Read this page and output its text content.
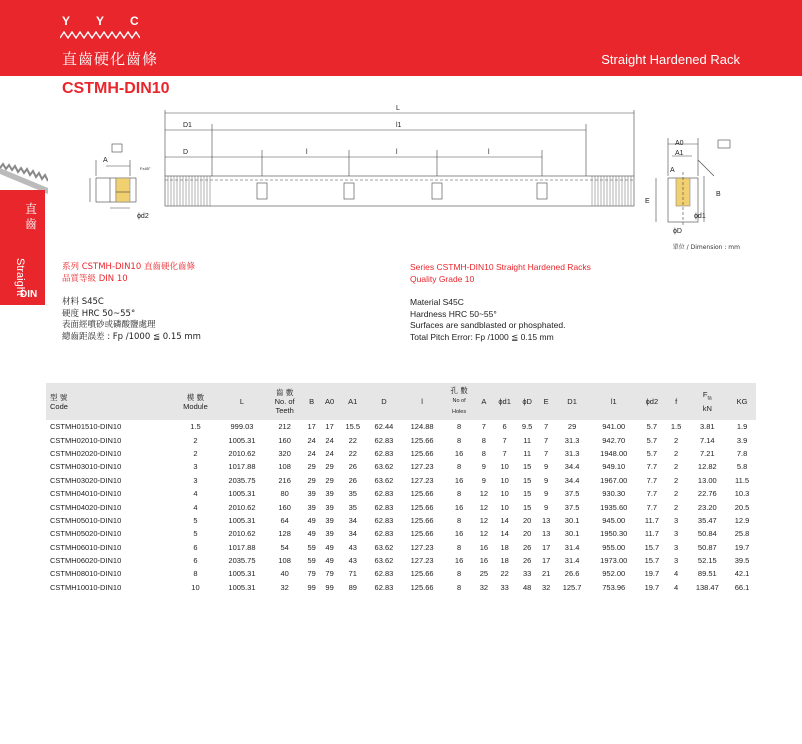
Y Y C
直齒硬化齒條	Straight Hardened Rack
CSTMH-DIN10
直齒
Straight
DIN
A
Fx45°
ϕd2
L
D1	l1
D	l	l	l
A0
A1
A
B
E
ϕd1
ϕD
單位 / Dimension : mm
系列 CSTMH-DIN10 直齒硬化齒條
品質等級 DIN 10
材料 S45C
硬度 HRC 50~55°
表面經噴砂或磷酸鹽處理
總齒距誤差 : Fp /1000 ≦ 0.15 mm
Series CSTMH-DIN10 Straight Hardened Racks
Quality Grade 10
Material S45C
Hardness HRC 50~55°
Surfaces are sandblasted or phosphated.
Total Pitch Error: Fp /1000 ≦ 0.15 mm
型 號
Code	模 數
Module	L	齒 數
No. of
Teeth	B	A0	A1	D	l	孔 數
No of
Holes	A	ϕd1	ϕD	E	D1	l1	ϕd2	f	$F_{ta}$
kN	KG
CSTMH01510-DIN10	1.5	999.03	212	17	17	15.5	62.44	124.88	8	7	6	9.5	7	29	941.00	5.7	1.5	3.81	1.9
CSTMH02010-DIN10	2	1005.31	160	24	24	22	62.83	125.66	8	8	7	11	7	31.3	942.70	5.7	2	7.14	3.9
CSTMH02020-DIN10	2	2010.62	320	24	24	22	62.83	125.66	16	8	7	11	7	31.3	1948.00	5.7	2	7.21	7.8
CSTMH03010-DIN10	3	1017.88	108	29	29	26	63.62	127.23	8	9	10	15	9	34.4	949.10	7.7	2	12.82	5.8
CSTMH03020-DIN10	3	2035.75	216	29	29	26	63.62	127.23	16	9	10	15	9	34.4	1967.00	7.7	2	13.00	11.5
CSTMH04010-DIN10	4	1005.31	80	39	39	35	62.83	125.66	8	12	10	15	9	37.5	930.30	7.7	2	22.76	10.3
CSTMH04020-DIN10	4	2010.62	160	39	39	35	62.83	125.66	16	12	10	15	9	37.5	1935.60	7.7	2	23.20	20.5
CSTMH05010-DIN10	5	1005.31	64	49	39	34	62.83	125.66	8	12	14	20	13	30.1	945.00	11.7	3	35.47	12.9
CSTMH05020-DIN10	5	2010.62	128	49	39	34	62.83	125.66	16	12	14	20	13	30.1	1950.30	11.7	3	50.84	25.8
CSTMH06010-DIN10	6	1017.88	54	59	49	43	63.62	127.23	8	16	18	26	17	31.4	955.00	15.7	3	50.87	19.7
CSTMH06020-DIN10	6	2035.75	108	59	49	43	63.62	127.23	16	16	18	26	17	31.4	1973.00	15.7	3	52.15	39.5
CSTMH08010-DIN10	8	1005.31	40	79	79	71	62.83	125.66	8	25	22	33	21	26.6	952.00	19.7	4	89.51	42.1
CSTMH10010-DIN10	10	1005.31	32	99	99	89	62.83	125.66	8	32	33	48	32	125.7	753.96	19.7	4	138.47	66.1
